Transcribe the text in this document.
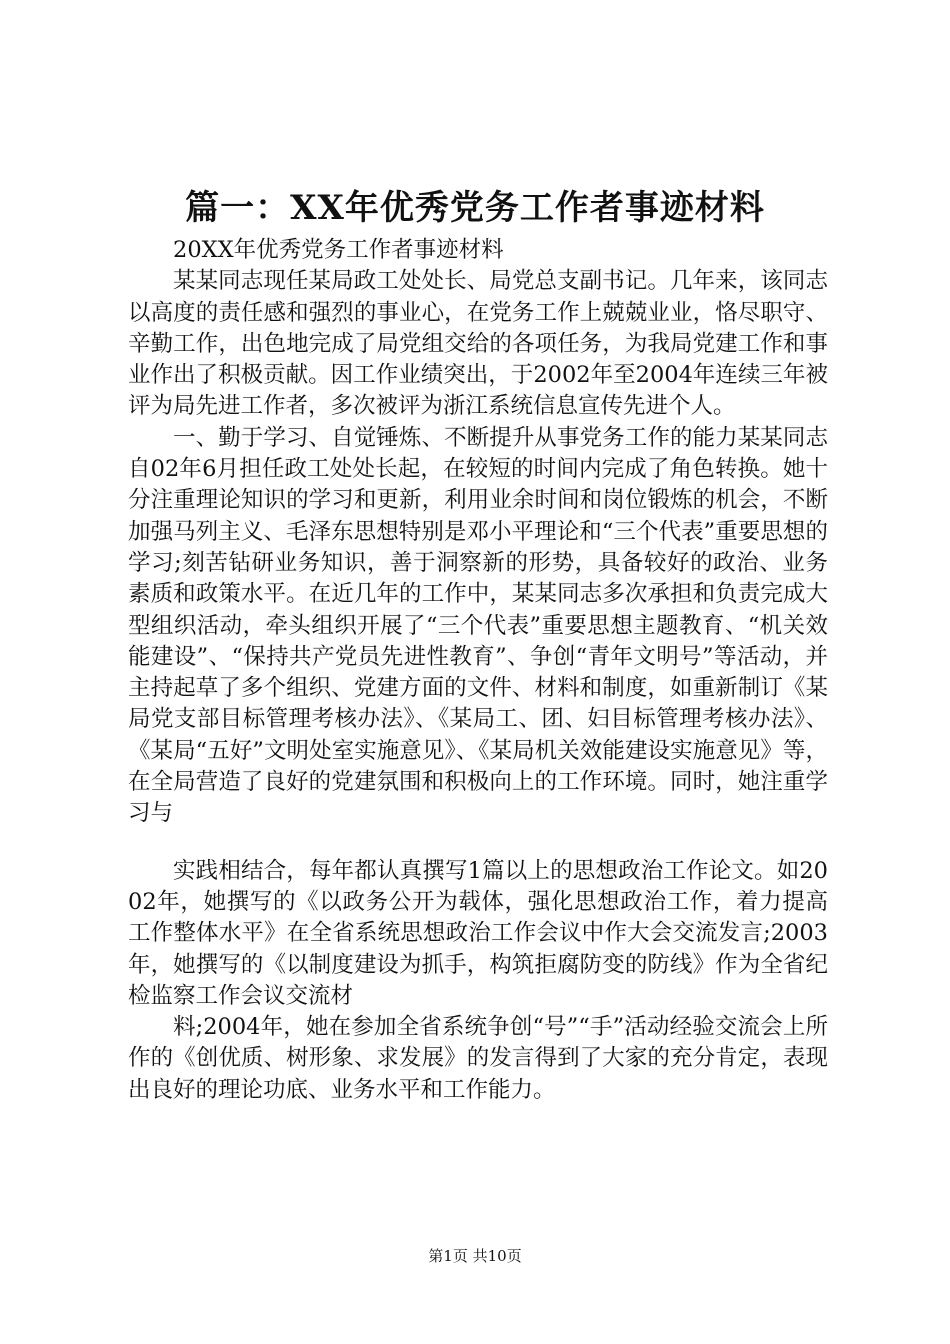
篇一：XX年优秀党务工作者事迹材料

20XX年优秀党务工作者事迹材料

某某同志现任某局政工处处长、局党总支副书记。几年来，该同志以高度的责任感和强烈的事业心，在党务工作上兢兢业业，恪尽职守、辛勤工作，出色地完成了局党组交给的各项任务，为我局党建工作和事业作出了积极贡献。因工作业绩突出，于2002年至2004年连续三年被评为局先进工作者，多次被评为浙江系统信息宣传先进个人。

一、勤于学习、自觉锤炼、不断提升从事党务工作的能力某某同志自02年6月担任政工处处长起，在较短的时间内完成了角色转换。她十分注重理论知识的学习和更新，利用业余时间和岗位锻炼的机会，不断加强马列主义、毛泽东思想特别是邓小平理论和“三个代表”重要思想的学习;刻苦钻研业务知识，善于洞察新的形势，具备较好的政治、业务素质和政策水平。在近几年的工作中，某某同志多次承担和负责完成大型组织活动，牵头组织开展了“三个代表”重要思想主题教育、“机关效能建设”、“保持共产党员先进性教育”、争创“青年文明号”等活动，并主持起草了多个组织、党建方面的文件、材料和制度，如重新制订《某局党支部目标管理考核办法》、《某局工、团、妇目标管理考核办法》、《某局“五好”文明处室实施意见》、《某局机关效能建设实施意见》等，在全局营造了良好的党建氛围和积极向上的工作环境。同时，她注重学习与

实践相结合，每年都认真撰写1篇以上的思想政治工作论文。如2002年，她撰写的《以政务公开为载体，强化思想政治工作，着力提高工作整体水平》在全省系统思想政治工作会议中作大会交流发言;2003年，她撰写的《以制度建设为抓手，构筑拒腐防变的防线》作为全省纪检监察工作会议交流材

料;2004年，她在参加全省系统争创“号”“手”活动经验交流会上所作的《创优质、树形象、求发展》的发言得到了大家的充分肯定，表现出良好的理论功底、业务水平和工作能力。

第1页 共10页
